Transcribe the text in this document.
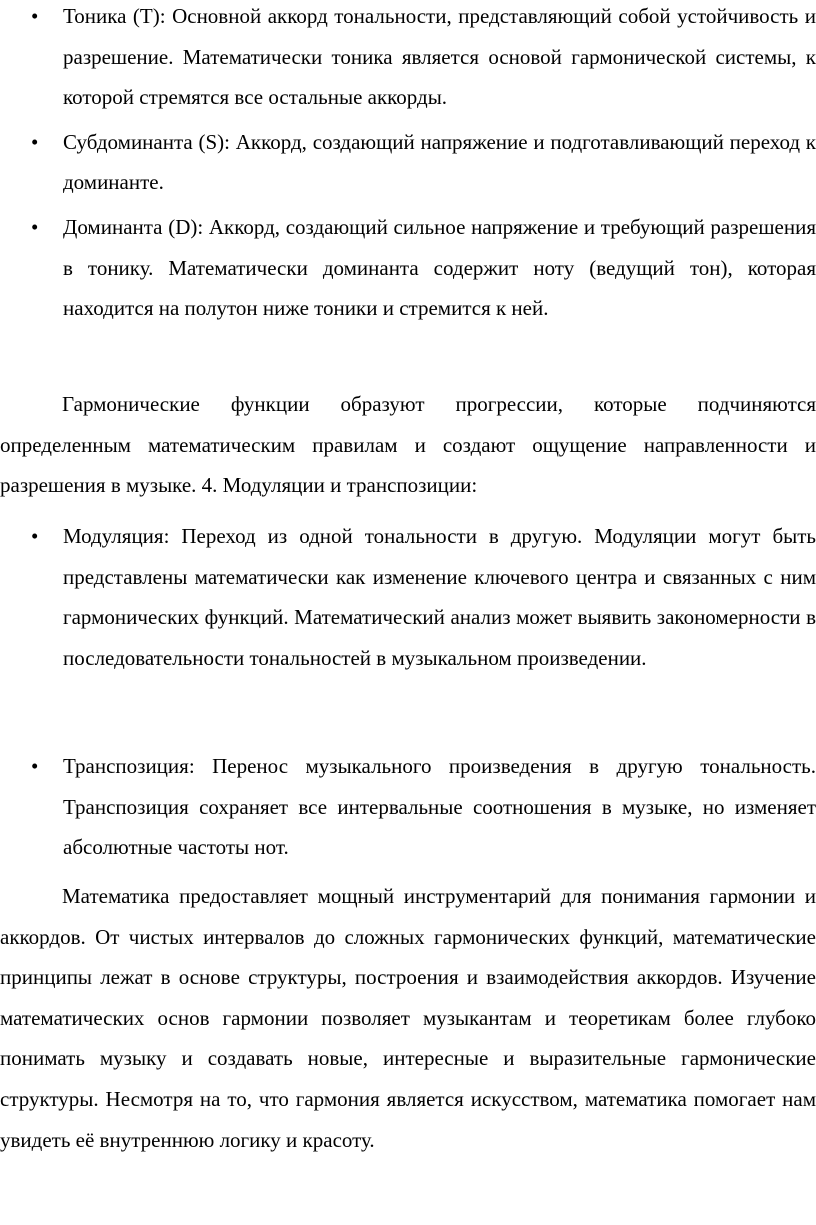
•	Тоника (T): Основной аккорд тональности, представляющий собой устойчивость и разрешение. Математически тоника является основой гармонической системы, к которой стремятся все остальные аккорды.
•	Субдоминанта (S): Аккорд, создающий напряжение и подготавливающий переход к доминанте.
•	Доминанта (D): Аккорд, создающий сильное напряжение и требующий разрешения в тонику. Математически доминанта содержит ноту (ведущий тон), которая находится на полутон ниже тоники и стремится к ней.

Гармонические функции образуют прогрессии, которые подчиняются определенным математическим правилам и создают ощущение направленности и разрешения в музыке. 4. Модуляции и транспозиции:

•	Модуляция: Переход из одной тональности в другую. Модуляции могут быть представлены математически как изменение ключевого центра и связанных с ним гармонических функций. Математический анализ может выявить закономерности в последовательности тональностей в музыкальном произведении.
•	Транспозиция: Перенос музыкального произведения в другую тональность. Транспозиция сохраняет все интервальные соотношения в музыке, но изменяет абсолютные частоты нот.

Математика предоставляет мощный инструментарий для понимания гармонии и аккордов. От чистых интервалов до сложных гармонических функций, математические принципы лежат в основе структуры, построения и взаимодействия аккордов. Изучение математических основ гармонии позволяет музыкантам и теоретикам более глубоко понимать музыку и создавать новые, интересные и выразительные гармонические структуры. Несмотря на то, что гармония является искусством, математика помогает нам увидеть её внутреннюю логику и красоту.
